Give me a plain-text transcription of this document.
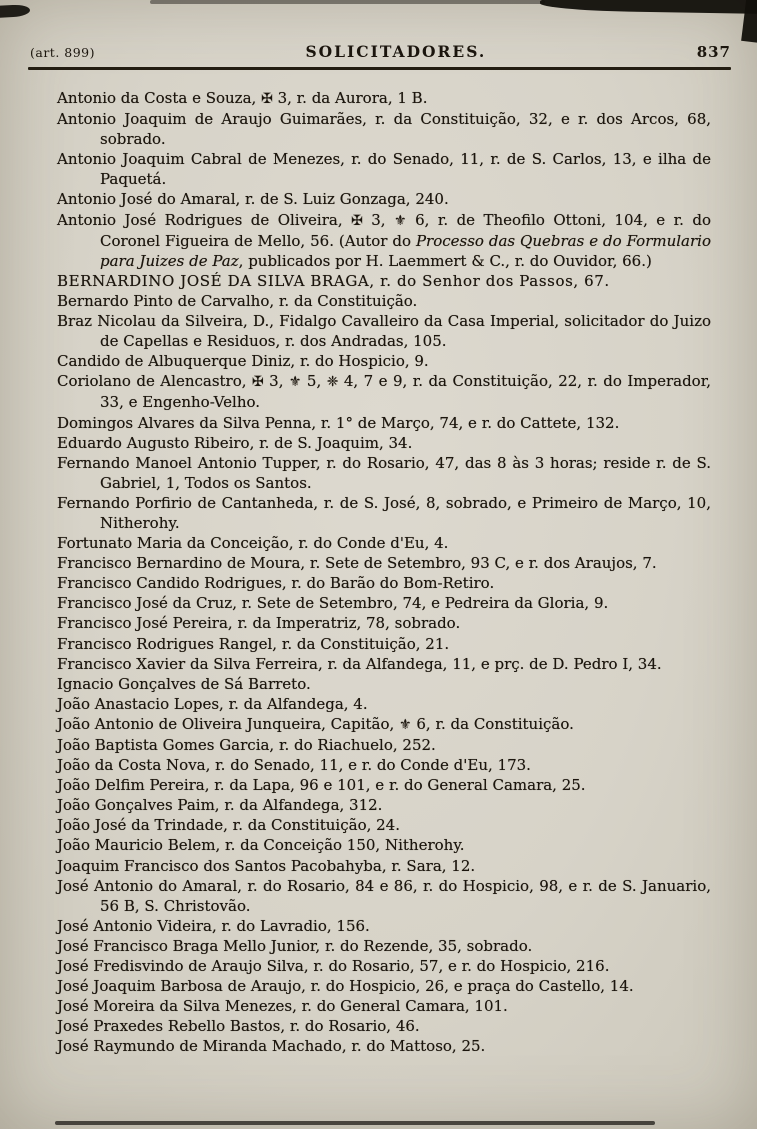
(art. 899)	SOLICITADORES.	837

Antonio da Costa e Souza, ✠ 3, r. da Aurora, 1 B.

Antonio Joaquim de Araujo Guimarães, r. da Constituição, 32, e r. dos Arcos, 68, sobrado.

Antonio Joaquim Cabral de Menezes, r. do Senado, 11, r. de S. Carlos, 13, e ilha de Paquetá.

Antonio José do Amaral, r. de S. Luiz Gonzaga, 240.

Antonio José Rodrigues de Oliveira, ✠ 3, ⚜ 6, r. de Theofilo Ottoni, 104, e r. do Coronel Figueira de Mello, 56. (Autor do Processo das Quebras e do Formulario para Juizes de Paz, publicados por H. Laemmert & C., r. do Ouvidor, 66.)

BERNARDINO JOSÉ DA SILVA BRAGA, r. do Senhor dos Passos, 67.

Bernardo Pinto de Carvalho, r. da Constituição.

Braz Nicolau da Silveira, D., Fidalgo Cavalleiro da Casa Imperial, solicitador do Juizo de Capellas e Residuos, r. dos Andradas, 105.

Candido de Albuquerque Diniz, r. do Hospicio, 9.

Coriolano de Alencastro, ✠ 3, ⚜ 5, ❈ 4, 7 e 9, r. da Constituição, 22, r. do Imperador, 33, e Engenho-Velho.

Domingos Alvares da Silva Penna, r. 1° de Março, 74, e r. do Cattete, 132.

Eduardo Augusto Ribeiro, r. de S. Joaquim, 34.

Fernando Manoel Antonio Tupper, r. do Rosario, 47, das 8 às 3 horas; reside r. de S. Gabriel, 1, Todos os Santos.

Fernando Porfirio de Cantanheda, r. de S. José, 8, sobrado, e Primeiro de Março, 10, Nitherohy.

Fortunato Maria da Conceição, r. do Conde d'Eu, 4.

Francisco Bernardino de Moura, r. Sete de Setembro, 93 C, e r. dos Araujos, 7.

Francisco Candido Rodrigues, r. do Barão do Bom-Retiro.

Francisco José da Cruz, r. Sete de Setembro, 74, e Pedreira da Gloria, 9.

Francisco José Pereira, r. da Imperatriz, 78, sobrado.

Francisco Rodrigues Rangel, r. da Constituição, 21.

Francisco Xavier da Silva Ferreira, r. da Alfandega, 11, e prç. de D. Pedro I, 34.

Ignacio Gonçalves de Sá Barreto.

João Anastacio Lopes, r. da Alfandega, 4.

João Antonio de Oliveira Junqueira, Capitão, ⚜ 6, r. da Constituição.

João Baptista Gomes Garcia, r. do Riachuelo, 252.

João da Costa Nova, r. do Senado, 11, e r. do Conde d'Eu, 173.

João Delfim Pereira, r. da Lapa, 96 e 101, e r. do General Camara, 25.

João Gonçalves Paim, r. da Alfandega, 312.

João José da Trindade, r. da Constituição, 24.

João Mauricio Belem, r. da Conceição 150, Nitherohy.

Joaquim Francisco dos Santos Pacobahyba, r. Sara, 12.

José Antonio do Amaral, r. do Rosario, 84 e 86, r. do Hospicio, 98, e r. de S. Januario, 56 B, S. Christovão.

José Antonio Videira, r. do Lavradio, 156.

José Francisco Braga Mello Junior, r. do Rezende, 35, sobrado.

José Fredisvindo de Araujo Silva, r. do Rosario, 57, e r. do Hospicio, 216.

José Joaquim Barbosa de Araujo, r. do Hospicio, 26, e praça do Castello, 14.

José Moreira da Silva Menezes, r. do General Camara, 101.

José Praxedes Rebello Bastos, r. do Rosario, 46.

José Raymundo de Miranda Machado, r. do Mattoso, 25.
